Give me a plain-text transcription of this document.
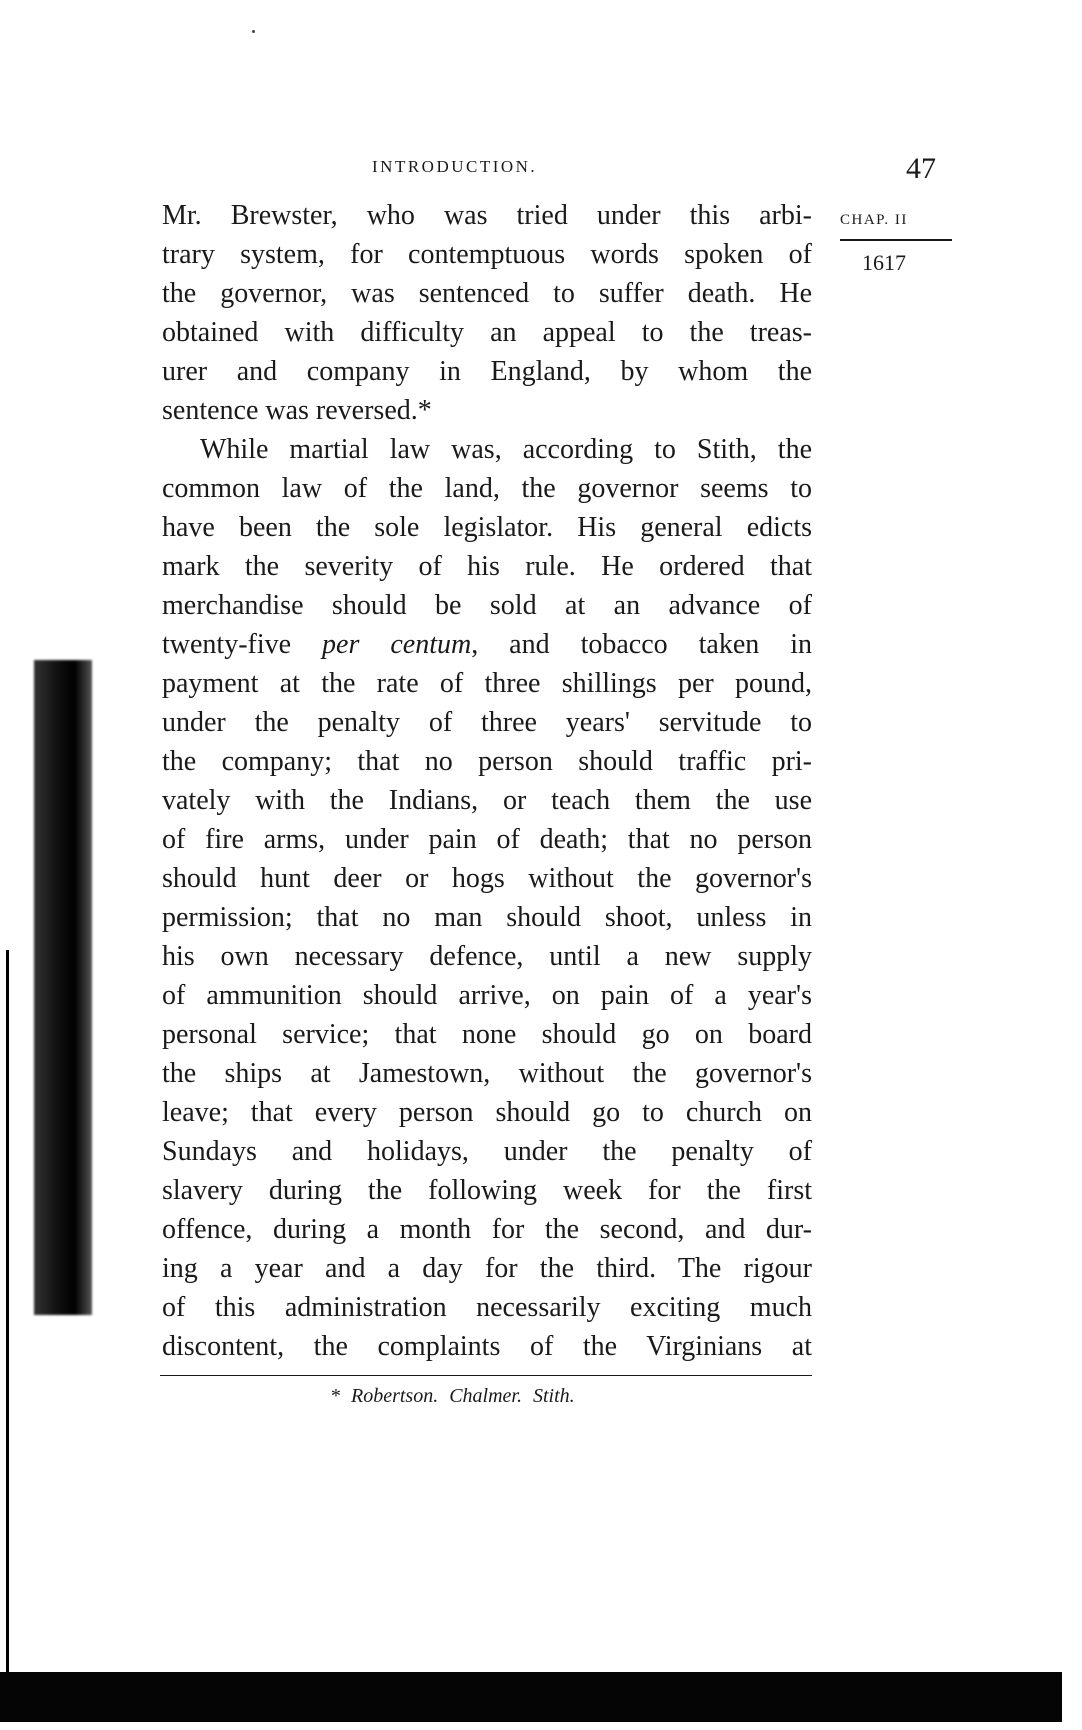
INTRODUCTION.	47
CHAP. II
1617

Mr. Brewster, who was tried under this arbi-
trary system, for contemptuous words spoken of
the governor, was sentenced to suffer death. He
obtained with difficulty an appeal to the treas-
urer and company in England, by whom the
sentence was reversed.*

While martial law was, according to Stith, the
common law of the land, the governor seems to
have been the sole legislator. His general edicts
mark the severity of his rule. He ordered that
merchandise should be sold at an advance of
twenty-five per centum, and tobacco taken in
payment at the rate of three shillings per pound,
under the penalty of three years' servitude to
the company; that no person should traffic pri-
vately with the Indians, or teach them the use
of fire arms, under pain of death; that no person
should hunt deer or hogs without the governor's
permission; that no man should shoot, unless in
his own necessary defence, until a new supply
of ammunition should arrive, on pain of a year's
personal service; that none should go on board
the ships at Jamestown, without the governor's
leave; that every person should go to church on
Sundays and holidays, under the penalty of
slavery during the following week for the first
offence, during a month for the second, and dur-
ing a year and a day for the third. The rigour
of this administration necessarily exciting much
discontent, the complaints of the Virginians at

* Robertson. Chalmer. Stith.
